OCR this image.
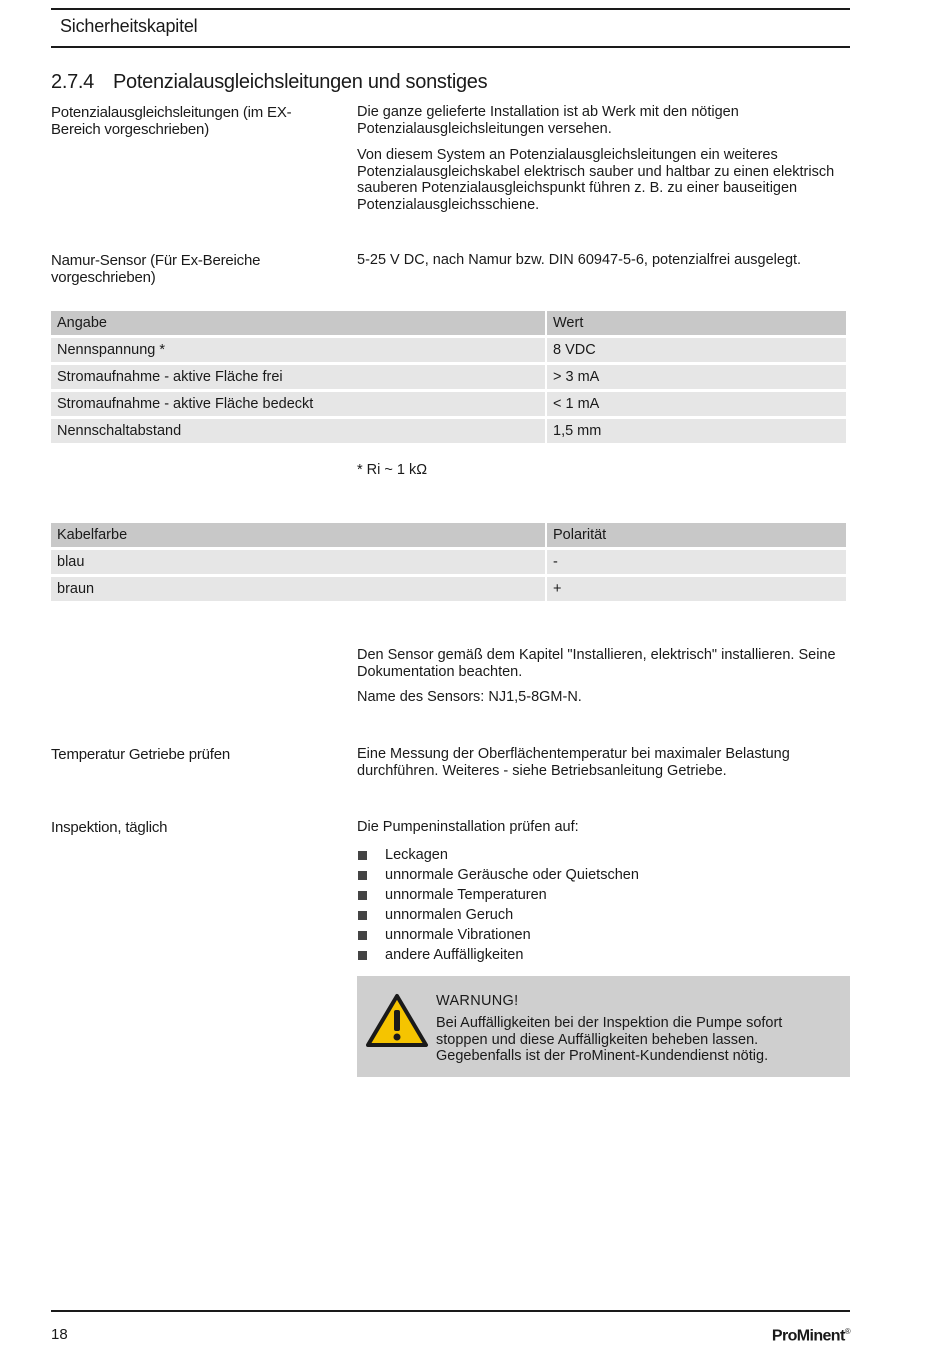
Sicherheitskapitel
2.7.4 Potenzialausgleichsleitungen und sonstiges
Potenzialausgleichsleitungen (im EX-Bereich vorgeschrieben)

Die ganze gelieferte Installation ist ab Werk mit den nötigen Potenzialausgleichsleitungen versehen.

Von diesem System an Potenzialausgleichsleitungen ein weiteres Potenzialausgleichskabel elektrisch sauber und haltbar zu einen elektrisch sauberen Potenzialausgleichspunkt führen z. B. zu einer bauseitigen Potenzialausgleichsschiene.

Namur-Sensor (Für Ex-Bereiche vorgeschrieben)
5-25 V DC, nach Namur bzw. DIN 60947-5-6, potenzialfrei ausgelegt.
Angabe	Wert
Nennspannung *	8 VDC
Stromaufnahme - aktive Fläche frei	> 3 mA
Stromaufnahme - aktive Fläche bedeckt	< 1 mA
Nennschaltabstand	1,5 mm
* Ri ~ 1 kΩ
Kabelfarbe	Polarität
blau	-
braun	+

Den Sensor gemäß dem Kapitel "Installieren, elektrisch" installieren. Seine Dokumentation beachten.

Name des Sensors: NJ1,5-8GM-N.

Temperatur Getriebe prüfen	Eine Messung der Oberflächentemperatur bei maximaler Belastung durchführen. Weiteres - siehe Betriebsanleitung Getriebe.
Inspektion, täglich	Die Pumpeninstallation prüfen auf:
Leckagen
unnormale Geräusche oder Quietschen
unnormale Temperaturen
unnormalen Geruch
unnormale Vibrationen
andere Auffälligkeiten
WARNUNG!
Bei Auffälligkeiten bei der Inspektion die Pumpe sofort stoppen und diese Auffälligkeiten beheben lassen. Gegebenfalls ist der ProMinent-Kundendienst nötig.
18	ProMinent®
